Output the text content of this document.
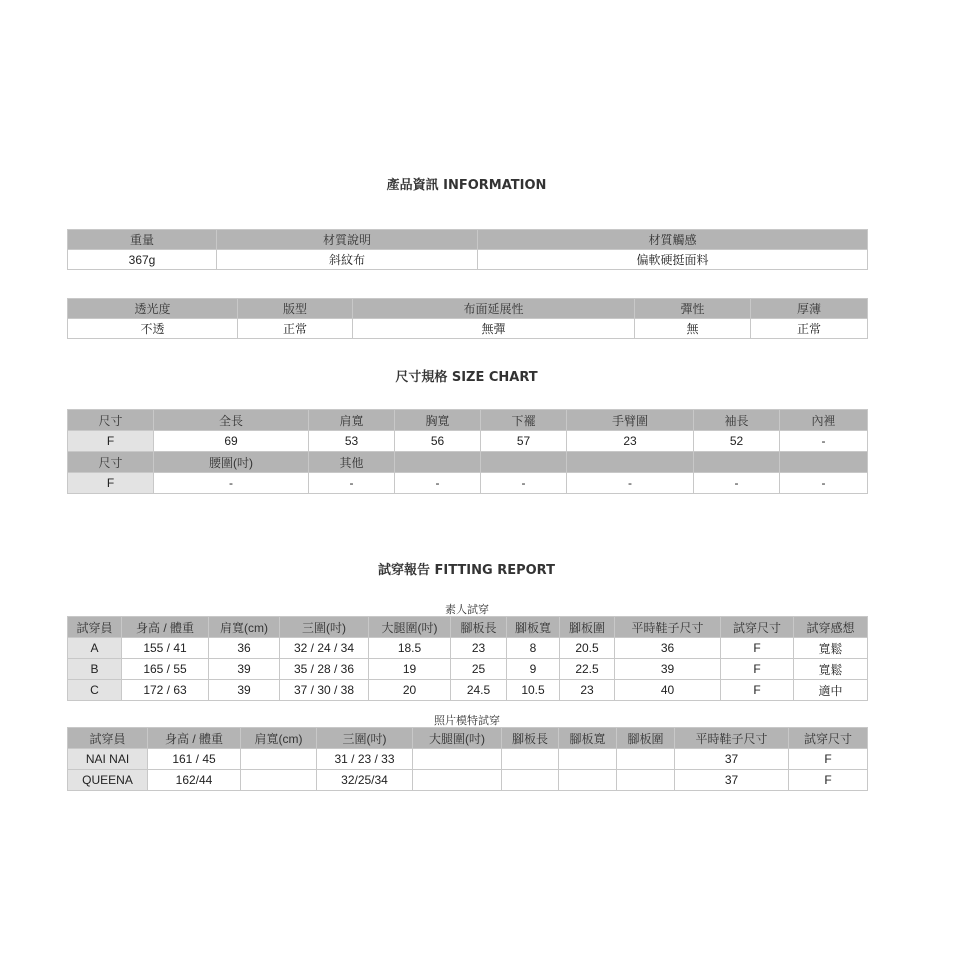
產品資訊 INFORMATION
重量	材質說明	材質觸感
367g	斜紋布	偏軟硬挺面料
透光度	版型	布面延展性	彈性	厚薄
不透	正常	無彈	無	正常
尺寸規格 SIZE CHART
尺寸	全長	肩寬	胸寬	下襬	手臂圍	袖長	內裡
F	69	53	56	57	23	52	-
尺寸	腰圍(吋)	其他					
F	-	-	-	-	-	-	-
試穿報告 FITTING REPORT
素人試穿
試穿員	身高 / 體重	肩寬(cm)	三圍(吋)	大腿圍(吋)	腳板長	腳板寬	腳板圍	平時鞋子尺寸	試穿尺寸	試穿感想
A	155 / 41	36	32 / 24 / 34	18.5	23	8	20.5	36	F	寬鬆
B	165 / 55	39	35 / 28 / 36	19	25	9	22.5	39	F	寬鬆
C	172 / 63	39	37 / 30 / 38	20	24.5	10.5	23	40	F	適中
照片模特試穿
試穿員	身高 / 體重	肩寬(cm)	三圍(吋)	大腿圍(吋)	腳板長	腳板寬	腳板圍	平時鞋子尺寸	試穿尺寸
NAI NAI	161 / 45		31 / 23 / 33					37	F
QUEENA	162/44		32/25/34					37	F
